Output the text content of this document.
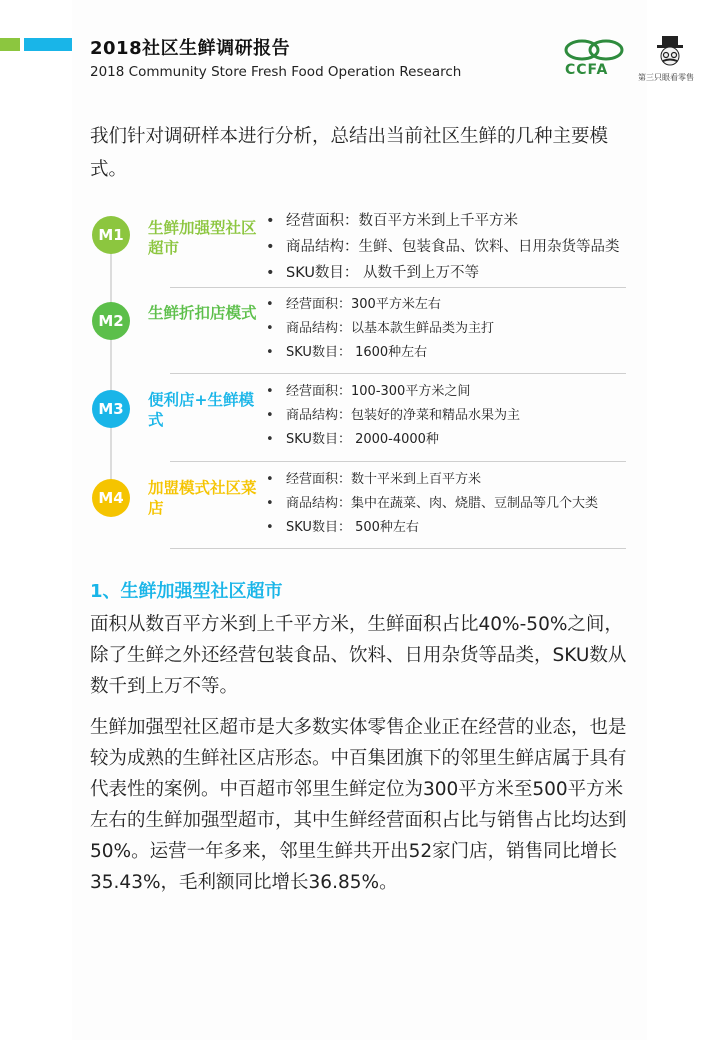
2018社区生鲜调研报告
2018 Community Store Fresh Food Operation Research	CCFA	第三只眼看零售
我们针对调研样本进行分析，总结出当前社区生鲜的几种主要模式。
M1	生鲜加强型社区超市
• 经营面积：数百平方米到上千平方米
• 商品结构：生鲜、包装食品、饮料、日用杂货等品类
• SKU数目： 从数千到上万不等
M2	生鲜折扣店模式
•	经营面积：300平方米左右
• 商品结构：以基本款生鲜品类为主打
• SKU数目： 1600种左右
M3	便利店+生鲜模式
• 经营面积：100-300平方米之间
• 商品结构：包装好的净菜和精品水果为主
• SKU数目： 2000-4000种
M4
加盟模式社区菜店
• 经营面积：数十平米到上百平方米
• 商品结构：集中在蔬菜、肉、烧腊、豆制品等几个大类
• SKU数目： 500种左右
1、生鲜加强型社区超市
面积从数百平方米到上千平方米，生鲜面积占比40%-50%之间，除了生鲜之外还经营包装食品、饮料、日用杂货等品类，SKU数从数千到上万不等。
生鲜加强型社区超市是大多数实体零售企业正在经营的业态，也是较为成熟的生鲜社区店形态。中百集团旗下的邻里生鲜店属于具有代表性的案例。中百超市邻里生鲜定位为300平方米至500平方米左右的生鲜加强型超市，其中生鲜经营面积占比与销售占比均达到50%。运营一年多来，邻里生鲜共开出52家门店，销售同比增长 35.43%，毛利额同比增长36.85%。
